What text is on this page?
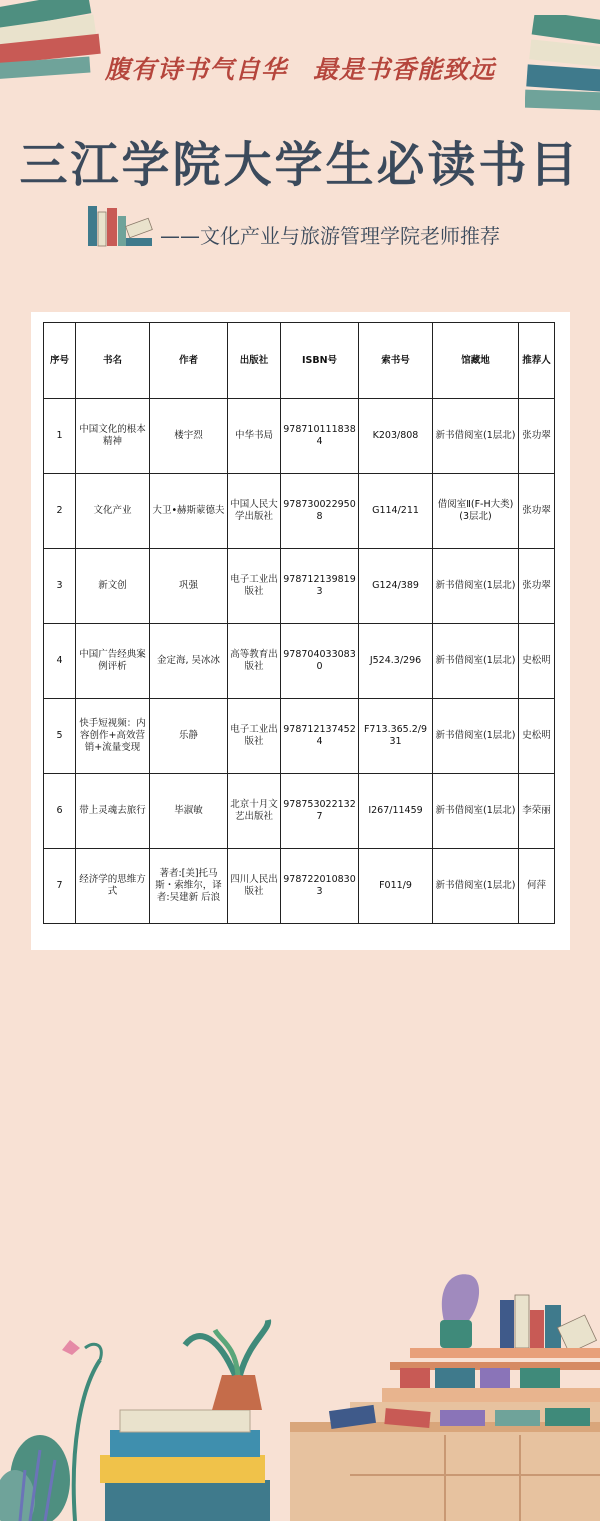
腹有诗书气自华　最是书香能致远
三江学院大学生必读书目
——文化产业与旅游管理学院老师推荐
序号	书名	作者	出版社	ISBN号	索书号	馆藏地	推荐人
1	中国文化的根本精神	楼宇烈	中华书局	9787101118384	K203/808	新书借阅室(1层北)	张功翠
2	文化产业	大卫•赫斯蒙德夫	中国人民大学出版社	9787300229508	G114/211	借阅室Ⅱ(F-H大类)(3层北)	张功翠
3	新文创	巩强	电子工业出版社	9787121398193	G124/389	新书借阅室(1层北)	张功翠
4	中国广告经典案例评析	金定海, 吴冰冰	高等教育出版社	9787040330830	J524.3/296	新书借阅室(1层北)	史松明
5	快手短视频：内容创作+高效营销+流量变现	乐静	电子工业出版社	9787121374524	F713.365.2/931	新书借阅室(1层北)	史松明
6	带上灵魂去旅行	毕淑敏	北京十月文艺出版社	9787530221327	I267/11459	新书借阅室(1层北)	李荣丽
7	经济学的思维方式	著者:[美]托马斯・索维尔，译者:吴建新 后浪	四川人民出版社	9787220108303	F011/9	新书借阅室(1层北)	何萍
